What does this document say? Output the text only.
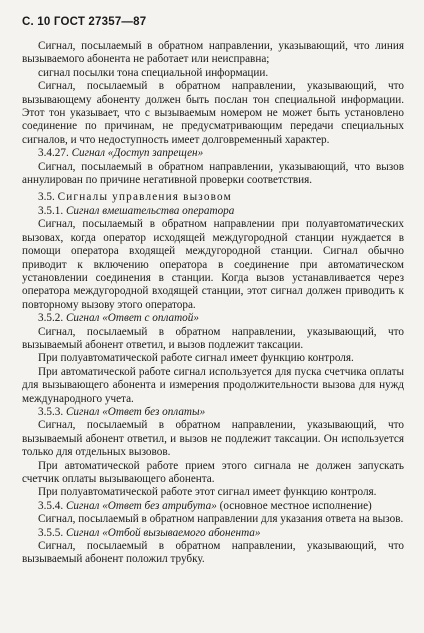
С. 10 ГОСТ 27357—87

Сигнал, посылаемый в обратном направлении, указывающий, что линия вызываемого абонента не работает или неисправна;

сигнал посылки тона специальной информации.

Сигнал, посылаемый в обратном направлении, указывающий, что вызывающему абоненту должен быть послан тон специальной информации. Этот тон указывает, что с вызываемым номером не может быть установлено соединение по причинам, не предусматривающим передачи специальных сигналов, и что недоступность имеет долговременный характер.

3.4.27. Сигнал «Доступ запрещен»

Сигнал, посылаемый в обратном направлении, указывающий, что вызов аннулирован по причине негативной проверки соответствия.

3.5. Сигналы управления вызовом

3.5.1. Сигнал вмешательства оператора

Сигнал, посылаемый в обратном направлении при полуавтоматических вызовах, когда оператор исходящей междугородной станции нуждается в помощи оператора входящей междугородной станции. Сигнал обычно приводит к включению оператора в соединение при автоматическом установлении соединения в станции. Когда вызов устанавливается через оператора междугородной входящей станции, этот сигнал должен приводить к повторному вызову этого оператора.

3.5.2. Сигнал «Ответ с оплатой»

Сигнал, посылаемый в обратном направлении, указывающий, что вызываемый абонент ответил, и вызов подлежит таксации.

При полуавтоматической работе сигнал имеет функцию контроля.

При автоматической работе сигнал используется для пуска счетчика оплаты для вызывающего абонента и измерения продолжительности вызова для нужд международного учета.

3.5.3. Сигнал «Ответ без оплаты»

Сигнал, посылаемый в обратном направлении, указывающий, что вызываемый абонент ответил, и вызов не подлежит таксации. Он используется только для отдельных вызовов.

При автоматической работе прием этого сигнала не должен запускать счетчик оплаты вызывающего абонента.

При полуавтоматической работе этот сигнал имеет функцию контроля.

3.5.4. Сигнал «Ответ без атрибута» (основное местное исполнение)

Сигнал, посылаемый в обратном направлении для указания ответа на вызов.

3.5.5. Сигнал «Отбой вызываемого абонента»

Сигнал, посылаемый в обратном направлении, указывающий, что вызываемый абонент положил трубку.
